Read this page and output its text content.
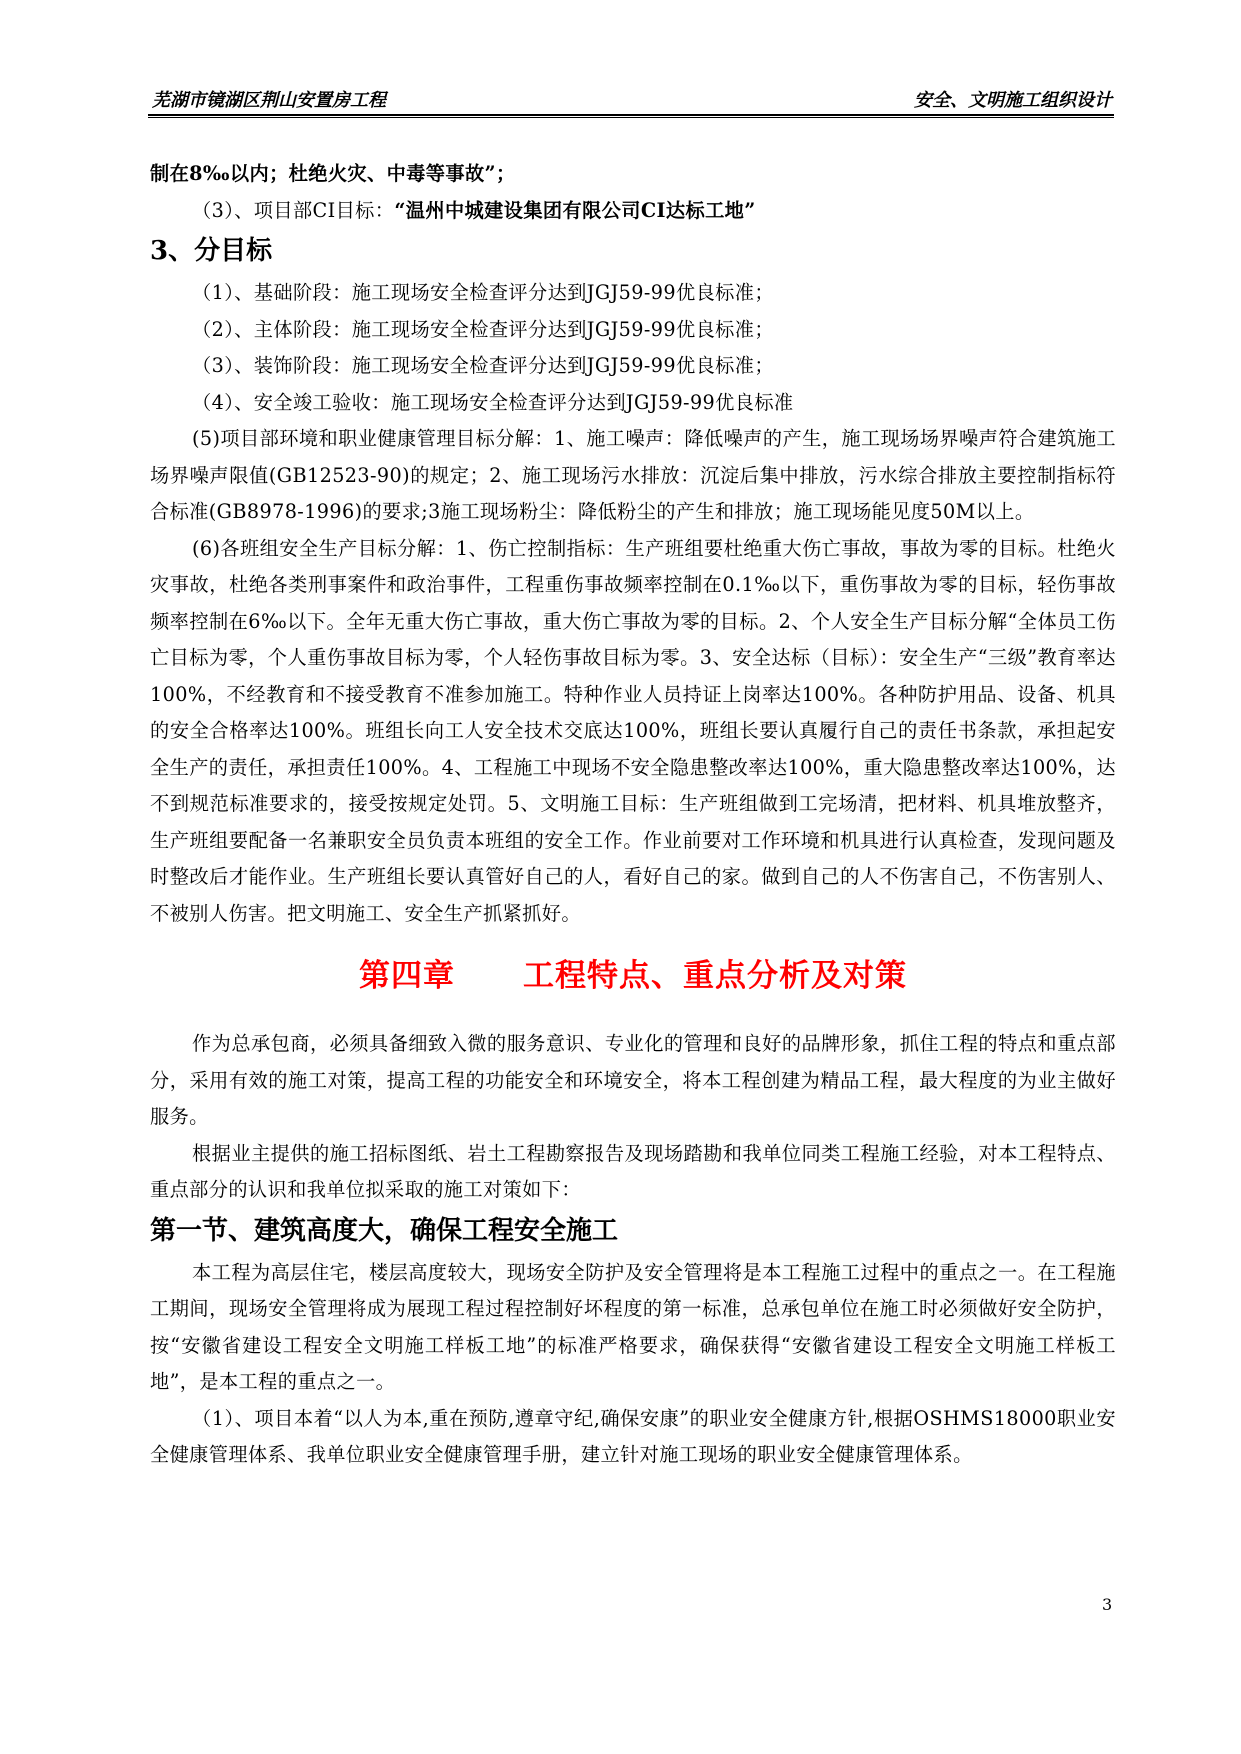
芜湖市镜湖区荆山安置房工程	安全、文明施工组织设计

制在8‰以内；杜绝火灾、中毒等事故”；

（3）、项目部CI目标：“温州中城建设集团有限公司CI达标工地”

3、分目标

（1）、基础阶段：施工现场安全检查评分达到JGJ59-99优良标准；

（2）、主体阶段：施工现场安全检查评分达到JGJ59-99优良标准；

（3）、装饰阶段：施工现场安全检查评分达到JGJ59-99优良标准；

（4）、安全竣工验收：施工现场安全检查评分达到JGJ59-99优良标准

(5)项目部环境和职业健康管理目标分解：1、施工噪声：降低噪声的产生，施工现场场界噪声符合建筑施工场界噪声限值(GB12523-90)的规定；2、施工现场污水排放：沉淀后集中排放，污水综合排放主要控制指标符合标准(GB8978-1996)的要求;3施工现场粉尘：降低粉尘的产生和排放；施工现场能见度50M以上。

(6)各班组安全生产目标分解：1、伤亡控制指标：生产班组要杜绝重大伤亡事故，事故为零的目标。杜绝火灾事故，杜绝各类刑事案件和政治事件，工程重伤事故频率控制在0.1‰以下，重伤事故为零的目标，轻伤事故频率控制在6‰以下。全年无重大伤亡事故，重大伤亡事故为零的目标。2、个人安全生产目标分解“全体员工伤亡目标为零，个人重伤事故目标为零，个人轻伤事故目标为零。3、安全达标（目标）：安全生产“三级”教育率达100%，不经教育和不接受教育不准参加施工。特种作业人员持证上岗率达100%。各种防护用品、设备、机具的安全合格率达100%。班组长向工人安全技术交底达100%，班组长要认真履行自己的责任书条款，承担起安全生产的责任，承担责任100%。4、工程施工中现场不安全隐患整改率达100%，重大隐患整改率达100%，达不到规范标准要求的，接受按规定处罚。5、文明施工目标：生产班组做到工完场清，把材料、机具堆放整齐，生产班组要配备一名兼职安全员负责本班组的安全工作。作业前要对工作环境和机具进行认真检查，发现问题及时整改后才能作业。生产班组长要认真管好自己的人，看好自己的家。做到自己的人不伤害自己，不伤害别人、不被别人伤害。把文明施工、安全生产抓紧抓好。

第四章 工程特点、重点分析及对策

作为总承包商，必须具备细致入微的服务意识、专业化的管理和良好的品牌形象，抓住工程的特点和重点部分，采用有效的施工对策，提高工程的功能安全和环境安全，将本工程创建为精品工程，最大程度的为业主做好服务。

根据业主提供的施工招标图纸、岩土工程勘察报告及现场踏勘和我单位同类工程施工经验，对本工程特点、重点部分的认识和我单位拟采取的施工对策如下：

第一节、建筑高度大，确保工程安全施工

本工程为高层住宅，楼层高度较大，现场安全防护及安全管理将是本工程施工过程中的重点之一。在工程施工期间，现场安全管理将成为展现工程过程控制好坏程度的第一标准，总承包单位在施工时必须做好安全防护，按“安徽省建设工程安全文明施工样板工地”的标准严格要求，确保获得“安徽省建设工程安全文明施工样板工地”，是本工程的重点之一。

（1）、项目本着“以人为本,重在预防,遵章守纪,确保安康”的职业安全健康方针,根据OSHMS18000职业安全健康管理体系、我单位职业安全健康管理手册，建立针对施工现场的职业安全健康管理体系。

3
